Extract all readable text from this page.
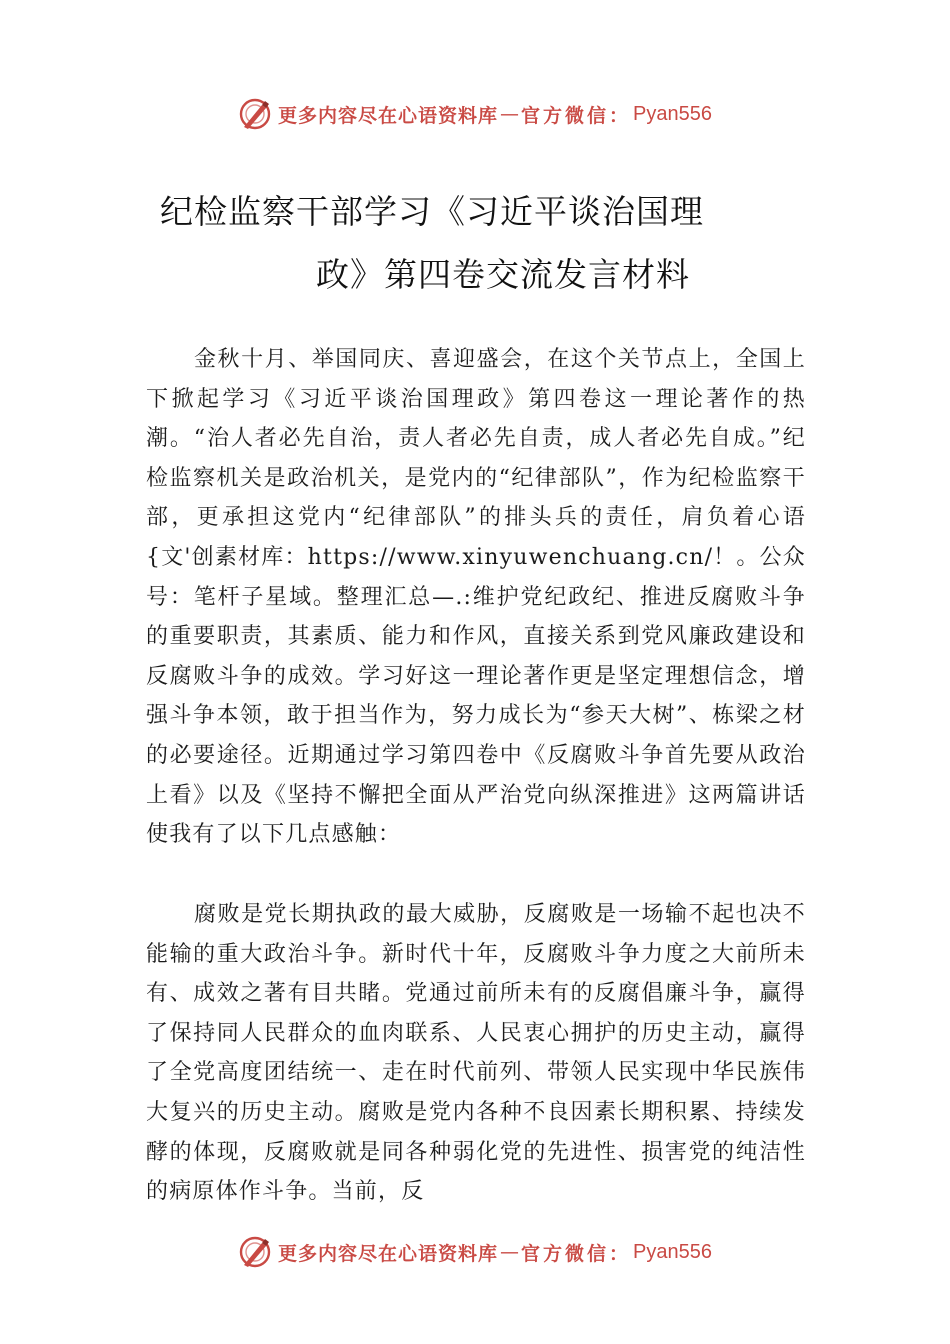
更多内容尽在心语资料库 — 官方微信： Pyan556
纪检监察干部学习《习近平谈治国理
政》第四卷交流发言材料

金秋十月、举国同庆、喜迎盛会，在这个关节点上，全国上下掀起学习《习近平谈治国理政》第四卷这一理论著作的热潮。“治人者必先自治，责人者必先自责，成人者必先自成。”纪检监察机关是政治机关，是党内的“纪律部队”，作为纪检监察干部，更承担这党内“纪律部队”的排头兵的责任，肩负着心语{文'创素材库：https://www.xinyuwenchuang.cn/！。公众号：笔杆子星域。整理汇总—.:维护党纪政纪、推进反腐败斗争的重要职责，其素质、能力和作风，直接关系到党风廉政建设和反腐败斗争的成效。学习好这一理论著作更是坚定理想信念，增强斗争本领，敢于担当作为，努力成长为“参天大树”、栋梁之材的必要途径。近期通过学习第四卷中《反腐败斗争首先要从政治上看》以及《坚持不懈把全面从严治党向纵深推进》这两篇讲话使我有了以下几点感触：

腐败是党长期执政的最大威胁，反腐败是一场输不起也决不能输的重大政治斗争。新时代十年，反腐败斗争力度之大前所未有、成效之著有目共睹。党通过前所未有的反腐倡廉斗争，赢得了保持同人民群众的血肉联系、人民衷心拥护的历史主动，赢得了全党高度团结统一、走在时代前列、带领人民实现中华民族伟大复兴的历史主动。腐败是党内各种不良因素长期积累、持续发酵的体现，反腐败就是同各种弱化党的先进性、损害党的纯洁性的病原体作斗争。当前，反

更多内容尽在心语资料库 — 官方微信： Pyan556
